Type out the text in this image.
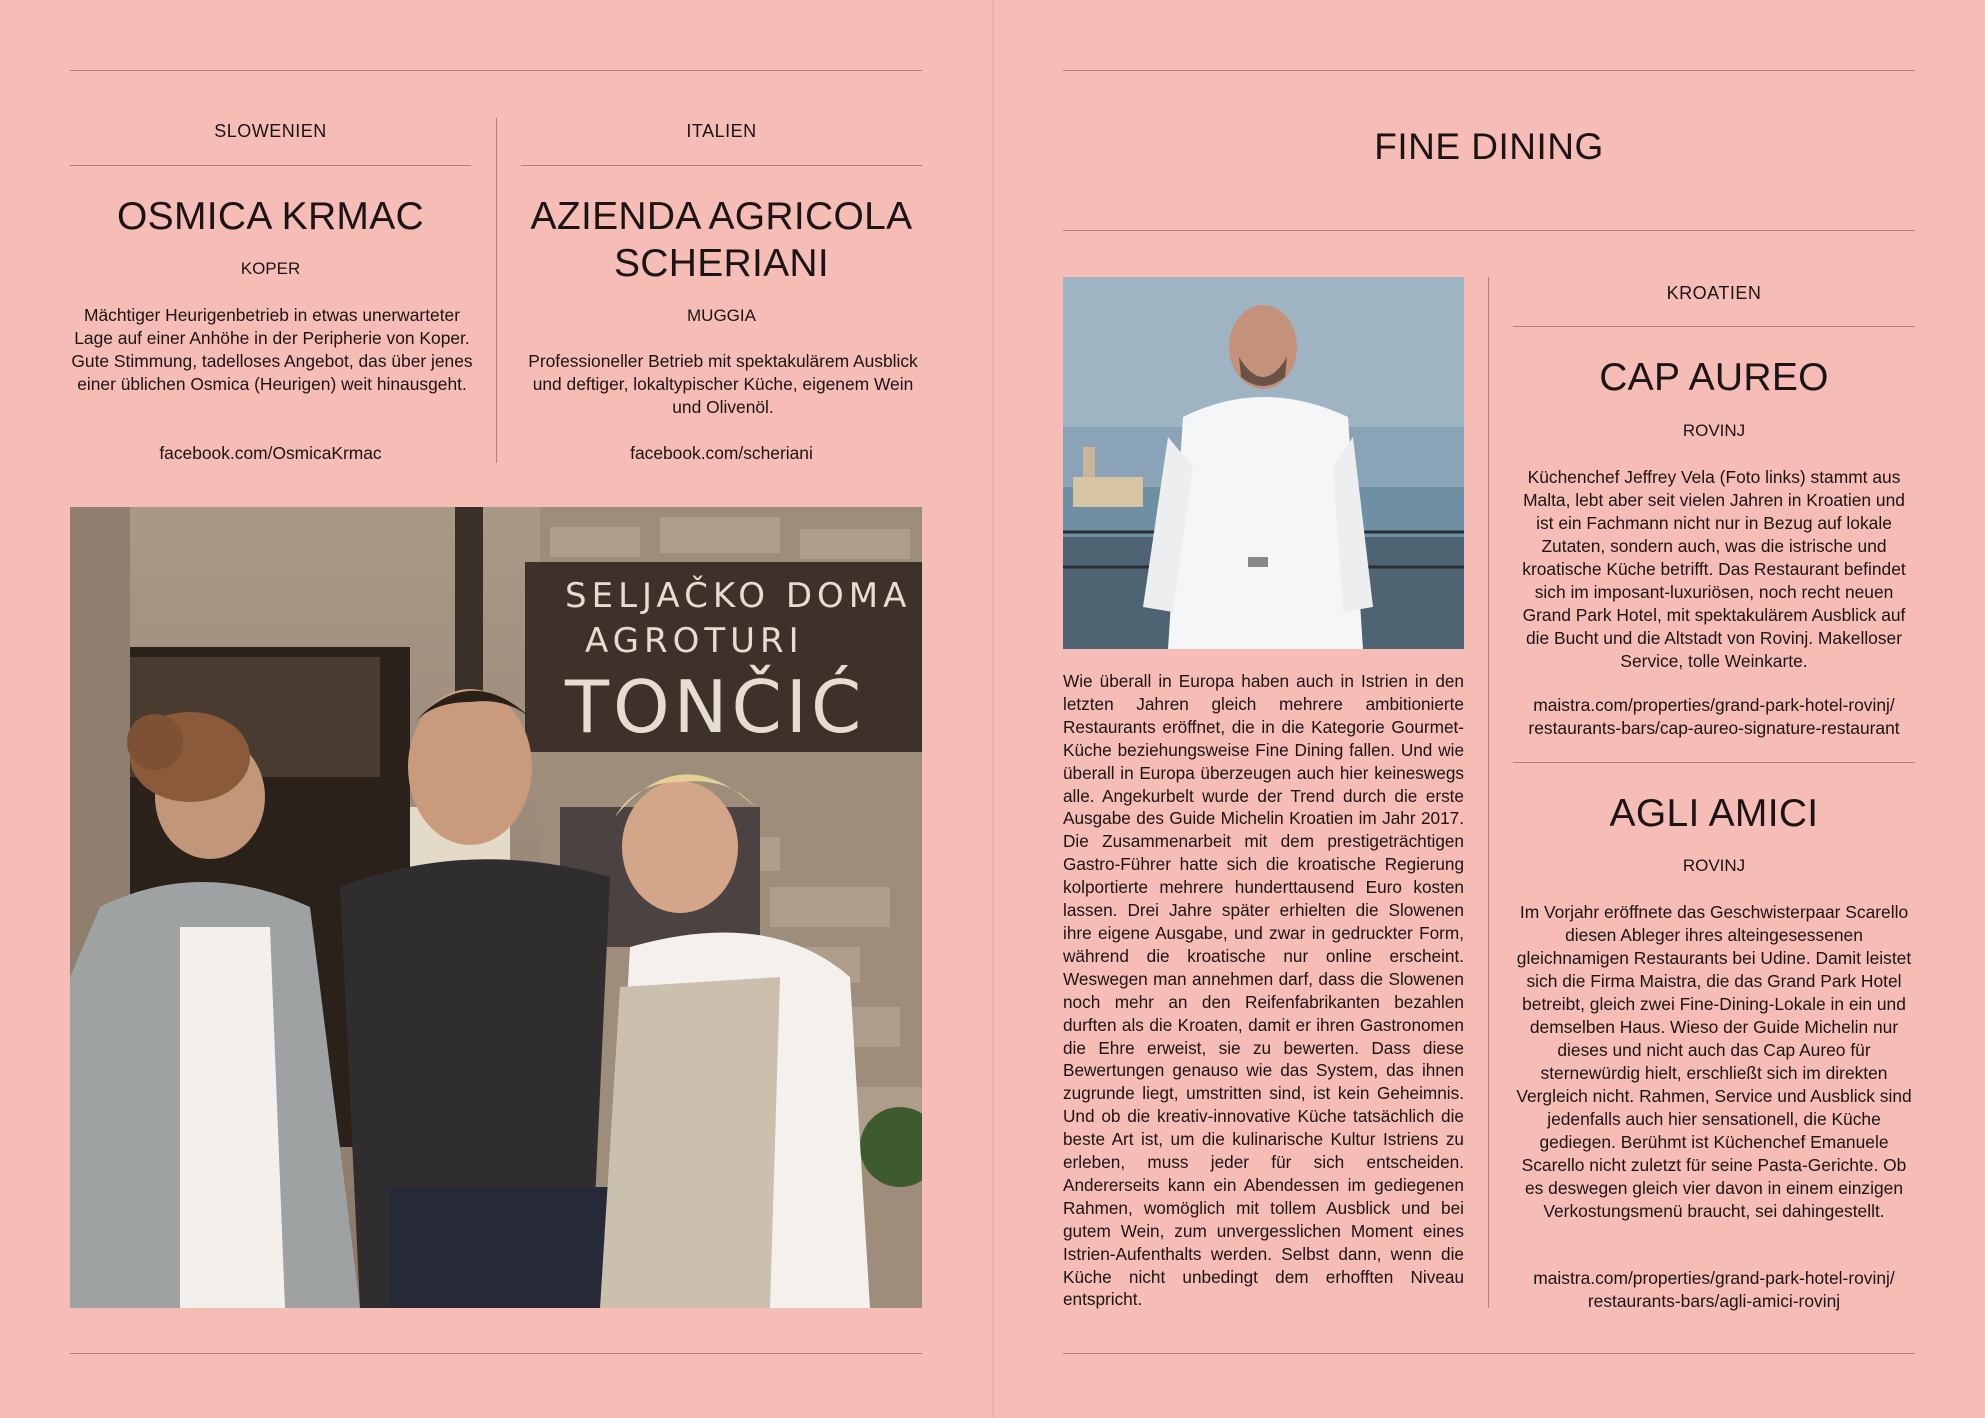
SLOWENIEN
OSMICA KRMAC
KOPER
Mächtiger Heurigenbetrieb in etwas unerwarteter Lage auf einer Anhöhe in der Peripherie von Koper. Gute Stimmung, tadelloses Angebot, das über jenes einer üblichen Osmica (Heurigen) weit hinausgeht.
facebook.com/OsmicaKrmac
ITALIEN
AZIENDA AGRICOLA
SCHERIANI
MUGGIA
Professioneller Betrieb mit spektakulärem Ausblick und deftiger, lokaltypischer Küche, eigenem Wein und Olivenöl.
facebook.com/scheriani
SELJAČKO DOMA
AGROTURI
TONČIĆ
FINE DINING
Wie überall in Europa haben auch in Istrien in den letzten Jahren gleich mehrere ambitionierte Restaurants eröffnet, die in die Kategorie Gourmet-Küche beziehungsweise Fine Dining fallen. Und wie überall in Europa überzeugen auch hier keineswegs alle. Angekurbelt wurde der Trend durch die erste Ausgabe des Guide Michelin Kroatien im Jahr 2017. Die Zusammenarbeit mit dem prestigeträchtigen Gastro-Führer hatte sich die kroatische Regierung kolportierte mehrere hunderttausend Euro kosten lassen. Drei Jahre später erhielten die Slowenen ihre eigene Ausgabe, und zwar in gedruckter Form, während die kroatische nur online erscheint. Weswegen man annehmen darf, dass die Slowenen noch mehr an den Reifenfabrikanten bezahlen durften als die Kroaten, damit er ihren Gastronomen die Ehre erweist, sie zu bewerten. Dass diese Bewertungen genauso wie das System, das ihnen zugrunde liegt, umstritten sind, ist kein Geheimnis. Und ob die kreativ-innovative Küche tatsächlich die beste Art ist, um die kulinarische Kultur Istriens zu erleben, muss jeder für sich entscheiden. Andererseits kann ein Abendessen im gediegenen Rahmen, womöglich mit tollem Ausblick und bei gutem Wein, zum unvergesslichen Moment eines Istrien-Aufenthalts werden. Selbst dann, wenn die Küche nicht unbedingt dem erhofften Niveau entspricht.
KROATIEN
CAP AUREO
ROVINJ
Küchenchef Jeffrey Vela (Foto links) stammt aus Malta, lebt aber seit vielen Jahren in Kroatien und ist ein Fachmann nicht nur in Bezug auf lokale Zutaten, sondern auch, was die istrische und kroatische Küche betrifft. Das Restaurant befindet sich im imposant-luxuriösen, noch recht neuen Grand Park Hotel, mit spektakulärem Ausblick auf die Bucht und die Altstadt von Rovinj. Makelloser Service, tolle Weinkarte.
maistra.com/properties/grand-park-hotel-rovinj/
restaurants-bars/cap-aureo-signature-restaurant
AGLI AMICI
ROVINJ
Im Vorjahr eröffnete das Geschwisterpaar Scarello diesen Ableger ihres alteingesessenen gleichnamigen Restaurants bei Udine. Damit leistet sich die Firma Maistra, die das Grand Park Hotel betreibt, gleich zwei Fine-Dining-Lokale in ein und demselben Haus. Wieso der Guide Michelin nur dieses und nicht auch das Cap Aureo für sternewürdig hielt, erschließt sich im direkten Vergleich nicht. Rahmen, Service und Ausblick sind jedenfalls auch hier sensationell, die Küche gediegen. Berühmt ist Küchenchef Emanuele Scarello nicht zuletzt für seine Pasta-Gerichte. Ob es deswegen gleich vier davon in einem einzigen Verkostungsmenü braucht, sei dahingestellt.
maistra.com/properties/grand-park-hotel-rovinj/
restaurants-bars/agli-amici-rovinj
